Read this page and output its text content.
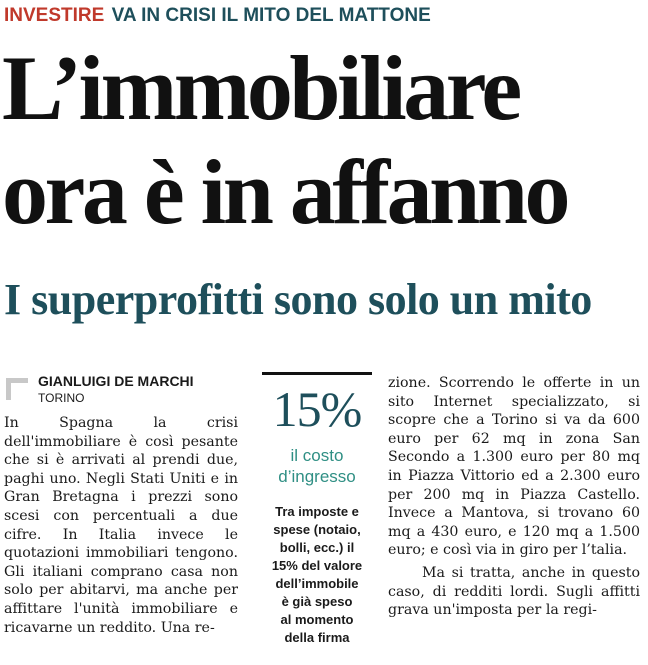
INVESTIRE VA IN CRISI IL MITO DEL MATTONE
L’immobiliare
ora è in affanno
I superprofitti sono solo un mito
GIANLUIGI DE MARCHI
TORINO

In Spagna la crisi dell'immobiliare è così pesante che si è arrivati al prendi due, paghi uno. Negli Stati Uniti e in Gran Bretagna i prezzi sono scesi con percentuali a due cifre. In Italia invece le quotazioni immobiliari tengono. Gli italiani comprano casa non solo per abitarvi, ma anche per affittare l'unità immobiliare e ricavarne un reddito. Una re-

15%
il costo
d’ingresso
Tra imposte e
spese (notaio,
bolli, ecc.) il
15% del valore
dell’immobile
è già speso
al momento
della firma

zione. Scorrendo le offerte in un sito Internet specializzato, si scopre che a Torino si va da 600 euro per 62 mq in zona San Secondo a 1.300 euro per 80 mq in Piazza Vittorio ed a 2.300 euro per 200 mq in Piazza Castello. Invece a Mantova, si trovano 60 mq a 430 euro, e 120 mq a 1.500 euro; e così via in giro per l’talia.

Ma si tratta, anche in questo caso, di redditi lordi. Sugli affitti grava un'imposta per la regi-
